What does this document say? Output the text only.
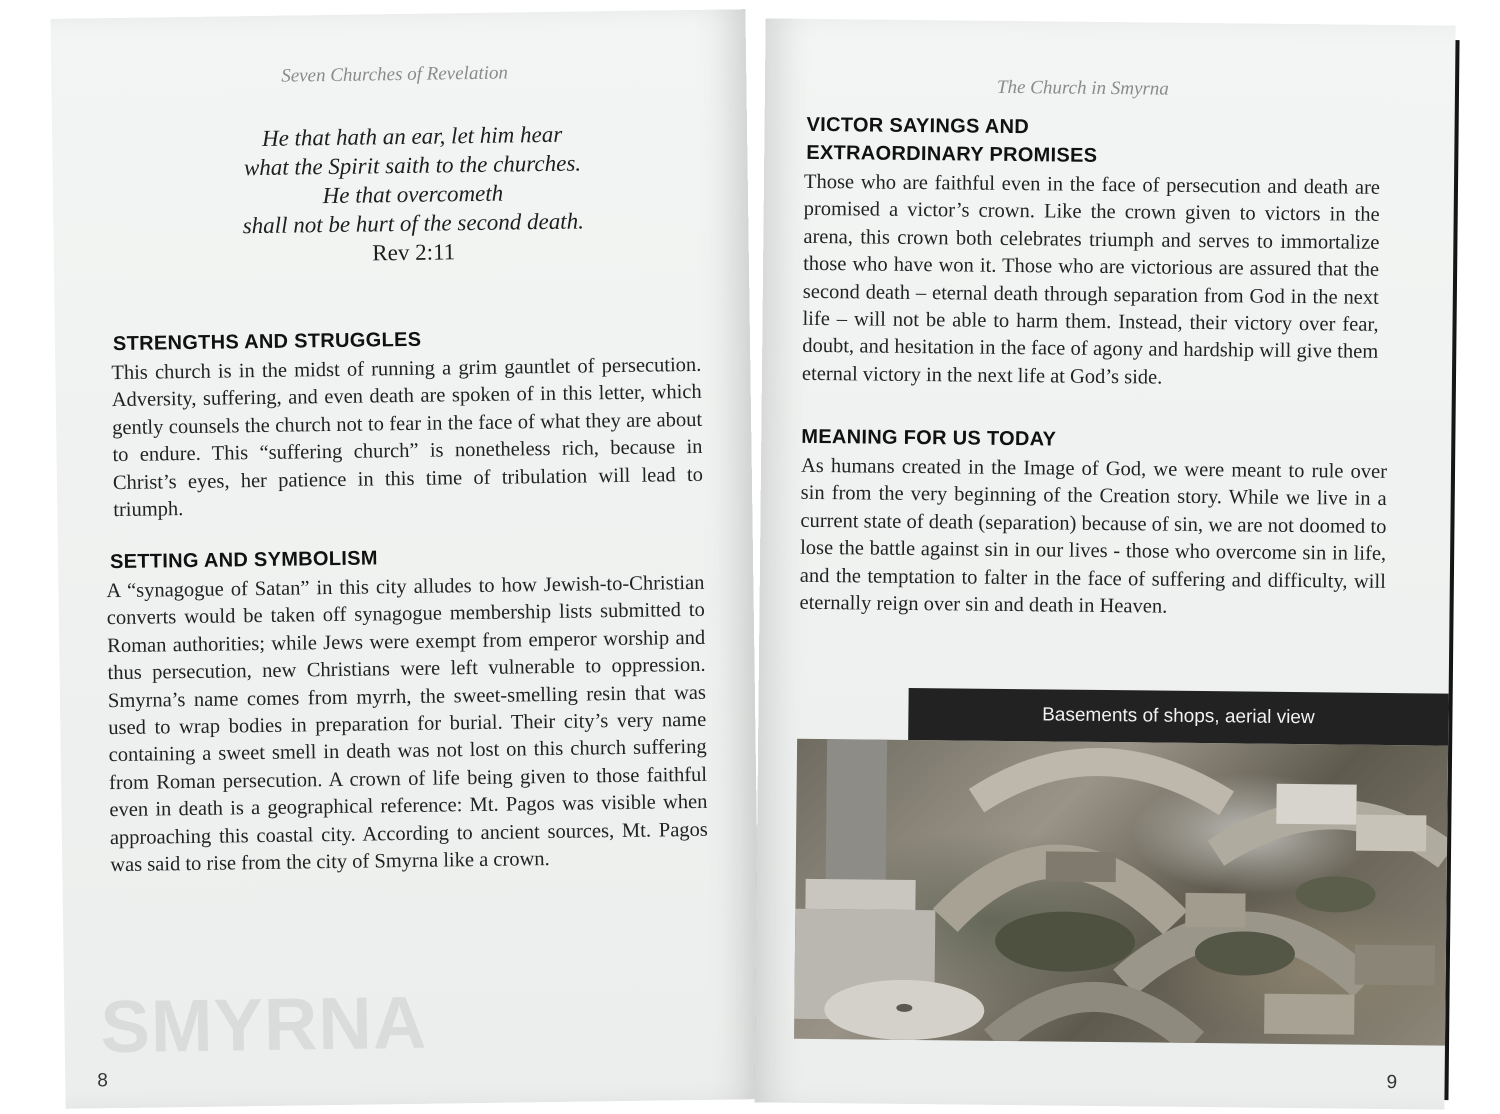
Seven Churches of Revelation
He that hath an ear, let him hear
what the Spirit saith to the churches.
He that overcometh
shall not be hurt of the second death.
Rev 2:11
STRENGTHS AND STRUGGLES
This church is in the midst of running a grim gauntlet of persecution. Adversity, suffering, and even death are spoken of in this letter, which gently counsels the church not to fear in the face of what they are about to endure. This “suffering church” is nonetheless rich, because in Christ’s eyes, her patience in this time of tribulation will lead to triumph.
SETTING AND SYMBOLISM
A “synagogue of Satan” in this city alludes to how Jewish-to-Christian converts would be taken off synagogue membership lists submitted to Roman authorities; while Jews were exempt from emperor worship and thus persecution, new Christians were left vulnerable to oppression. Smyrna’s name comes from myrrh, the sweet-smelling resin that was used to wrap bodies in preparation for burial. Their city’s very name containing a sweet smell in death was not lost on this church suffering from Roman persecution. A crown of life being given to those faithful even in death is a geographical reference: Mt. Pagos was visible when approaching this coastal city. According to ancient sources, Mt. Pagos was said to rise from the city of Smyrna like a crown.
SMYRNA
8
The Church in Smyrna
VICTOR SAYINGS AND
EXTRAORDINARY PROMISES
Those who are faithful even in the face of persecution and death are promised a victor’s crown. Like the crown given to victors in the arena, this crown both celebrates triumph and serves to immortalize those who have won it. Those who are victorious are assured that the second death – eternal death through separation from God in the next life – will not be able to harm them. Instead, their victory over fear, doubt, and hesitation in the face of agony and hardship will give them eternal victory in the next life at God’s side.
MEANING FOR US TODAY
As humans created in the Image of God, we were meant to rule over sin from the very beginning of the Creation story. While we live in a current state of death (separation) because of sin, we are not doomed to lose the battle against sin in our lives - those who overcome sin in life, and the temptation to falter in the face of suffering and difficulty, will eternally reign over sin and death in Heaven.
Basements of shops, aerial view
9
